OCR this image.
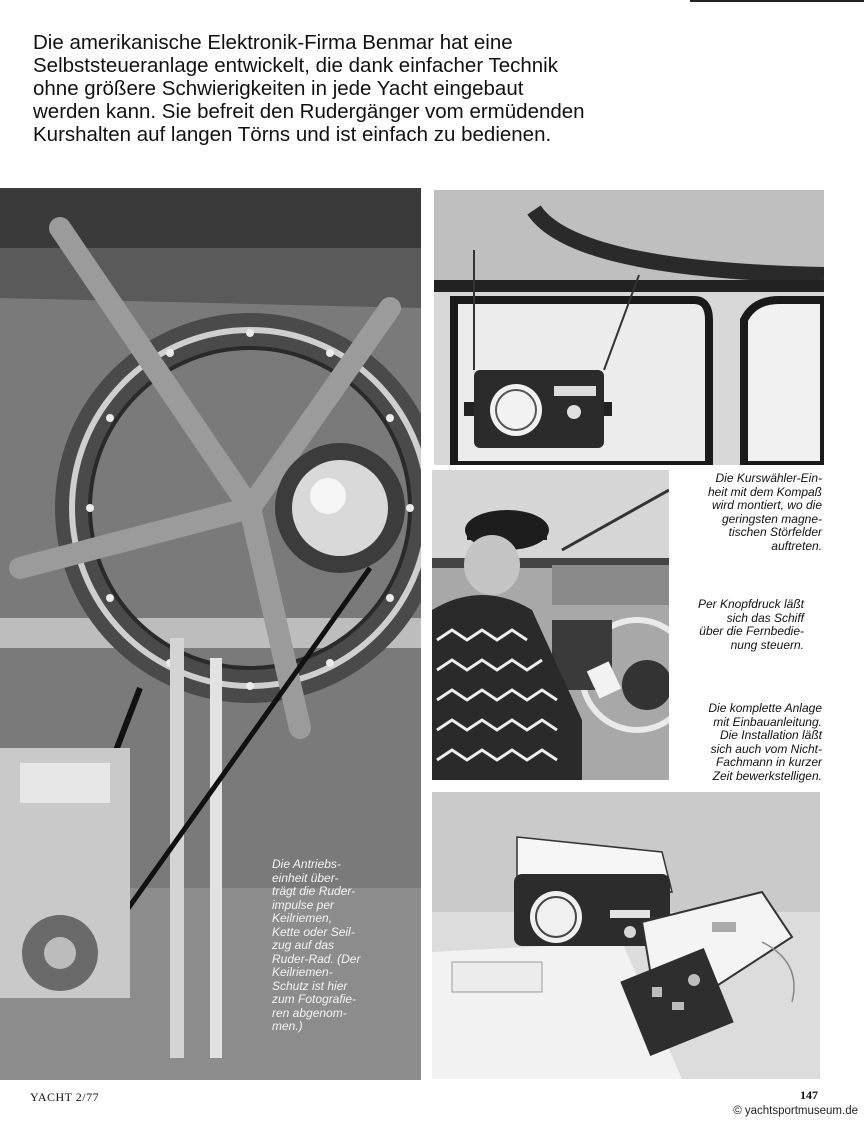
Die amerikanische Elektronik-Firma Benmar hat eine Selbststeueranlage entwickelt, die dank einfacher Technik ohne größere Schwierigkeiten in jede Yacht eingebaut werden kann. Sie befreit den Rudergänger vom ermüdenden Kurshalten auf langen Törns und ist einfach zu bedienen.

Die Antriebs-
einheit über-
trägt die Ruder-
impulse per
Keilriemen,
Kette oder Seil-
zug auf das
Ruder-Rad. (Der
Keilriemen-
Schutz ist hier
zum Fotografie-
ren abgenom-
men.)

Die Kurswähler-Ein-
heit mit dem Kompaß
wird montiert, wo die
geringsten magne-
tischen Störfelder
auftreten.

Per Knopfdruck läßt
sich das Schiff
über die Fernbedie-
nung steuern.

Die komplette Anlage
mit Einbauanleitung.
Die Installation läßt
sich auch vom Nicht-
Fachmann in kurzer
Zeit bewerkstelligen.

YACHT 2/77	147
© yachtsportmuseum.de
